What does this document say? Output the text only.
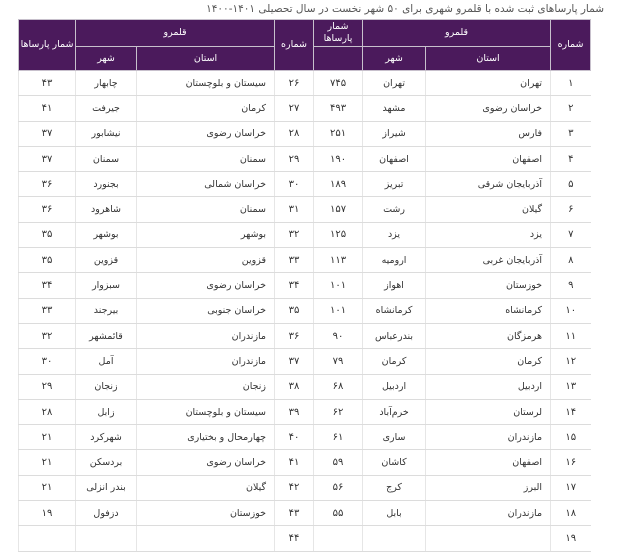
شمار پارساهای ثبت شده با قلمرو شهری برای ۵۰ شهر نخست در سال تحصیلی ۱۴۰۱-۱۴۰۰
شماره	قلمرو		شمار پارساها	شماره	قلمرو		شمار پارساها
	استان	شهر			استان	شهر	
۱	تهران	تهران	۷۴۵	۲۶	سیستان و بلوچستان	چابهار	۴۳
۲	خراسان رضوی	مشهد	۴۹۳	۲۷	کرمان	جیرفت	۴۱
۳	فارس	شیراز	۲۵۱	۲۸	خراسان رضوی	نیشابور	۳۷
۴	اصفهان	اصفهان	۱۹۰	۲۹	سمنان	سمنان	۳۷
۵	آذربایجان شرقی	تبریز	۱۸۹	۳۰	خراسان شمالی	بجنورد	۳۶
۶	گیلان	رشت	۱۵۷	۳۱	سمنان	شاهرود	۳۶
۷	یزد	یزد	۱۲۵	۳۲	بوشهر	بوشهر	۳۵
۸	آذربایجان غربی	ارومیه	۱۱۳	۳۳	قزوین	قزوین	۳۵
۹	خوزستان	اهواز	۱۰۱	۳۴	خراسان رضوی	سبزوار	۳۴
۱۰	کرمانشاه	کرمانشاه	۱۰۱	۳۵	خراسان جنوبی	بیرجند	۳۳
۱۱	هرمزگان	بندرعباس	۹۰	۳۶	مازندران	قائمشهر	۳۲
۱۲	کرمان	کرمان	۷۹	۳۷	مازندران	آمل	۳۰
۱۳	اردبیل	اردبیل	۶۸	۳۸	زنجان	زنجان	۲۹
۱۴	لرستان	خرم‌آباد	۶۲	۳۹	سیستان و بلوچستان	زابل	۲۸
۱۵	مازندران	ساری	۶۱	۴۰	چهارمحال و بختیاری	شهرکرد	۲۱
۱۶	اصفهان	کاشان	۵۹	۴۱	خراسان رضوی	بردسکن	۲۱
۱۷	البرز	کرج	۵۶	۴۲	گیلان	بندر انزلی	۲۱
۱۸	مازندران	بابل	۵۵	۴۳	خوزستان	دزفول	۱۹
۱۹				۴۴			
